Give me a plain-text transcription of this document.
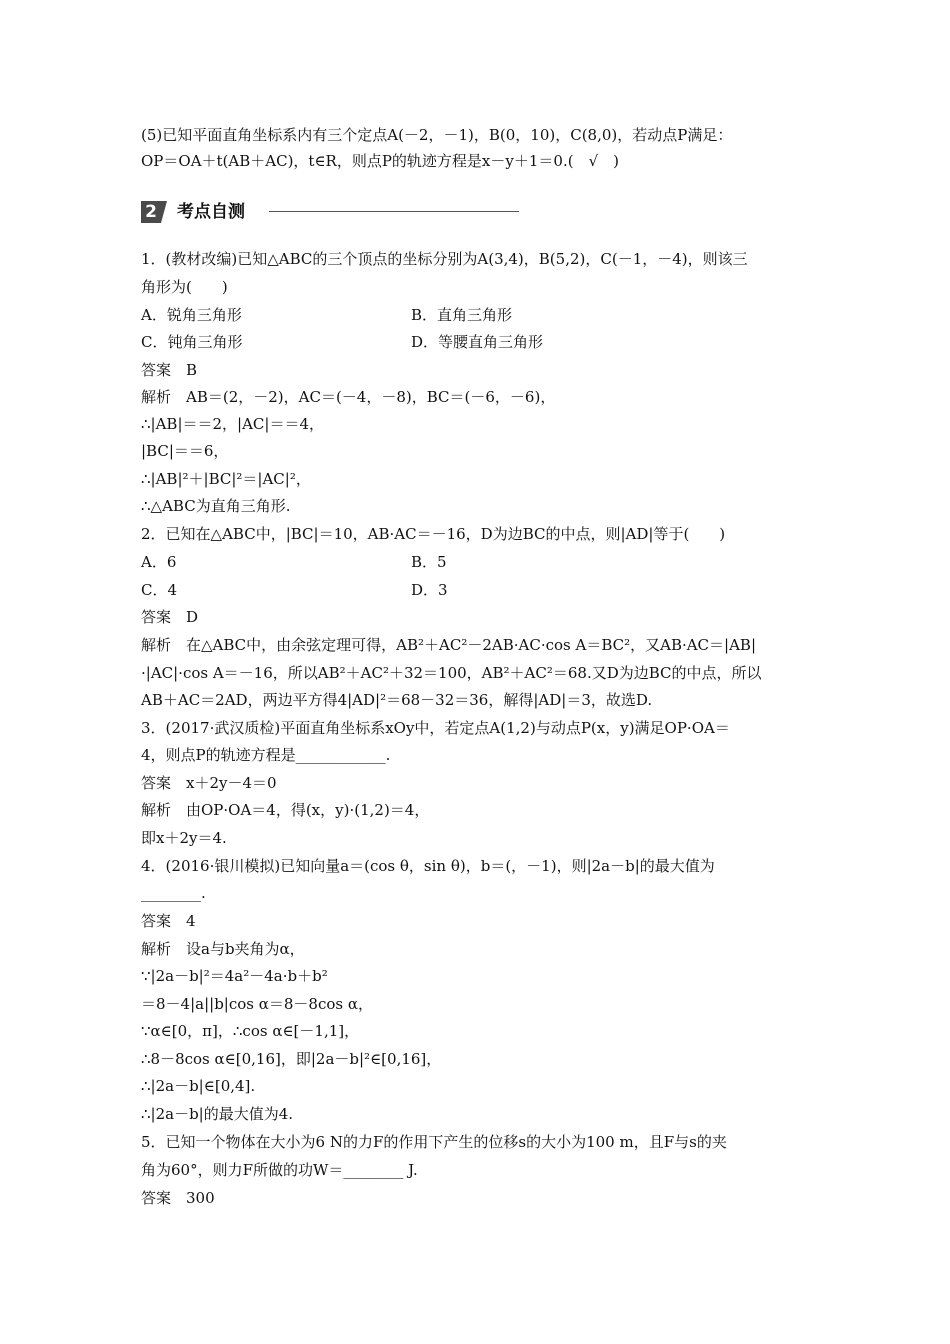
2 考点自测
(5)已知平面直角坐标系内有三个定点A(－2，－1)，B(0，10)，C(8,0)，若动点P满足：
OP＝OA＋t(AB＋AC)，t∈R，则点P的轨迹方程是x－y＋1＝0.(　√　)
1．(教材改编)已知△ABC的三个顶点的坐标分别为A(3,4)，B(5,2)，C(－1，－4)，则该三
角形为(　　)
A．锐角三角形	B．直角三角形
C．钝角三角形	D．等腰直角三角形
答案　B
解析　AB＝(2，－2)，AC＝(－4，－8)，BC＝(－6，－6)，
∴|AB|＝＝2，|AC|＝＝4，
|BC|＝＝6，
∴|AB|²＋|BC|²＝|AC|²，
∴△ABC为直角三角形.
2．已知在△ABC中，|BC|＝10，AB·AC＝－16，D为边BC的中点，则|AD|等于(　　)
A．6	B．5
C．4	D．3
答案　D
解析　在△ABC中，由余弦定理可得，AB²＋AC²－2AB·AC·cos A＝BC²，又AB·AC＝|AB|
·|AC|·cos A＝－16，所以AB²＋AC²＋32＝100，AB²＋AC²＝68.又D为边BC的中点，所以
AB＋AC＝2AD，两边平方得4|AD|²＝68－32＝36，解得|AD|＝3，故选D.
3．(2017·武汉质检)平面直角坐标系xOy中，若定点A(1,2)与动点P(x，y)满足OP·OA＝
4，则点P的轨迹方程是____________.
答案　x＋2y－4＝0
解析　由OP·OA＝4，得(x，y)·(1,2)＝4，
即x＋2y＝4.
4．(2016·银川模拟)已知向量a＝(cos θ，sin θ)，b＝(，－1)，则|2a－b|的最大值为
________.
答案　4
解析　设a与b夹角为α，
∵|2a－b|²＝4a²－4a·b＋b²
＝8－4|a||b|cos α＝8－8cos α，
∵α∈[0，π]，∴cos α∈[－1,1]，
∴8－8cos α∈[0,16]，即|2a－b|²∈[0,16]，
∴|2a－b|∈[0,4].
∴|2a－b|的最大值为4.
5．已知一个物体在大小为6 N的力F的作用下产生的位移s的大小为100 m，且F与s的夹
角为60°，则力F所做的功W＝________ J.
答案　300
